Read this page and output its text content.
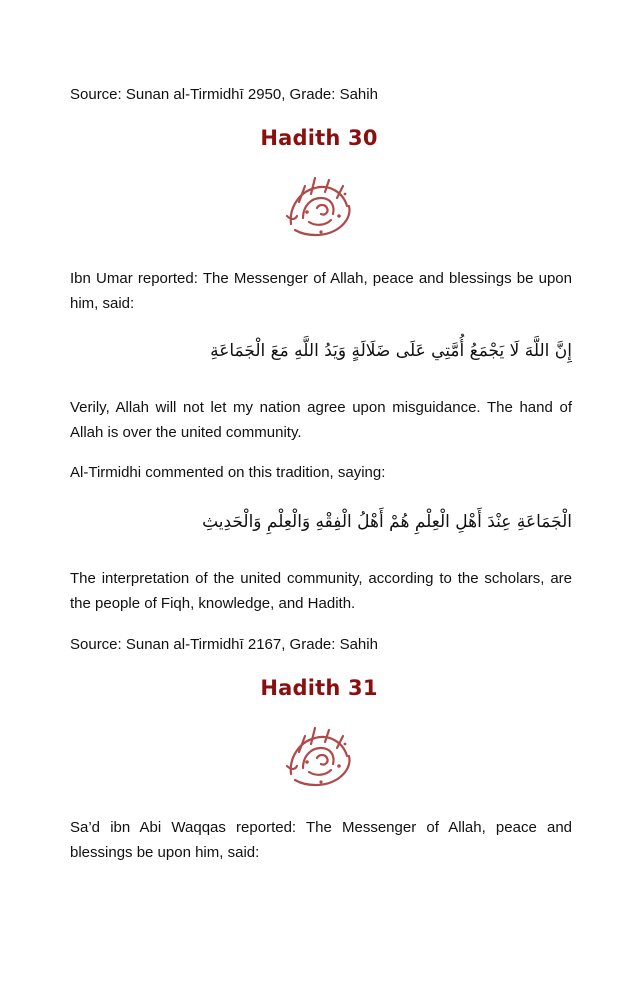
Source: Sunan al-Tirmidhī 2950, Grade: Sahih

Hadith 30

Ibn Umar reported: The Messenger of Allah, peace and blessings be upon him, said:

إِنَّ اللَّهَ لَا يَجْمَعُ أُمَّتِي عَلَى ضَلَالَةٍ وَيَدُ اللَّهِ مَعَ الْجَمَاعَةِ

Verily, Allah will not let my nation agree upon misguidance. The hand of Allah is over the united community.

Al-Tirmidhi commented on this tradition, saying:

الْجَمَاعَةِ عِنْدَ أَهْلِ الْعِلْمِ هُمْ أَهْلُ الْفِقْهِ وَالْعِلْمِ وَالْحَدِيثِ

The interpretation of the united community, according to the scholars, are the people of Fiqh, knowledge, and Hadith.

Source: Sunan al-Tirmidhī 2167, Grade: Sahih

Hadith 31

Sa’d ibn Abi Waqqas reported: The Messenger of Allah, peace and blessings be upon him, said:
